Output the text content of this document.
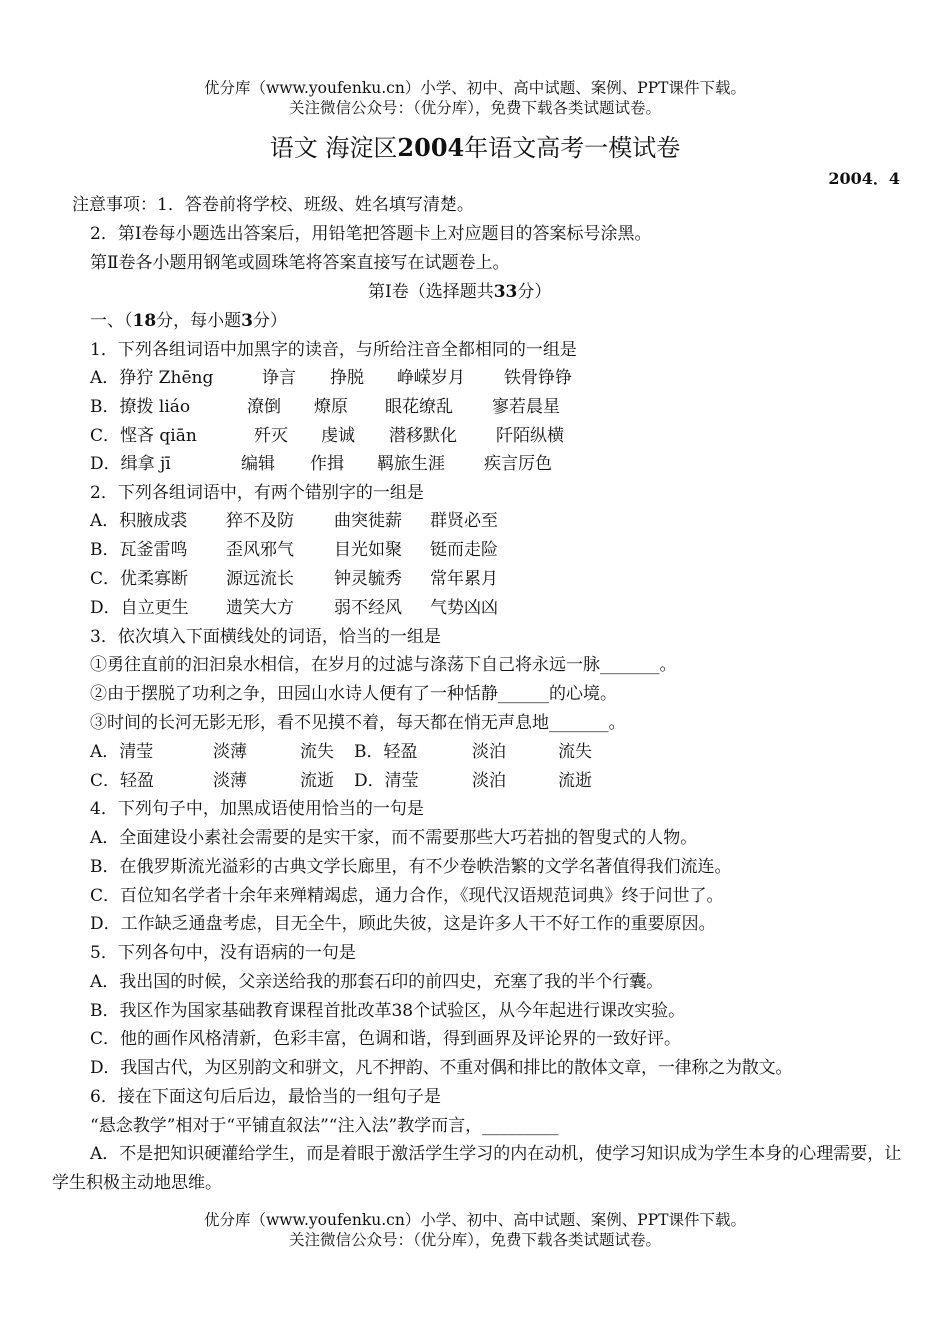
优分库（www.youfenku.cn）小学、初中、高中试题、案例、PPT课件下载。
关注微信公众号：（优分库），免费下载各类试题试卷。
语文 海淀区2004年语文高考一模试卷
2004．4
注意事项：1．答卷前将学校、班级、姓名填写清楚。
2．第Ⅰ卷每小题选出答案后，用铅笔把答题卡上对应题目的答案标号涂黑。
第Ⅱ卷各小题用钢笔或圆珠笔将答案直接写在试题卷上。
第Ⅰ卷（选择题共33分）
一、（18分，每小题3分）
1．下列各组词语中加黑字的读音，与所给注音全都相同的一组是
A．狰狞 Zhēng	诤言 挣脱 峥嵘岁月 铁骨铮铮
B．撩拨 liáo	潦倒 燎原 眼花缭乱 寥若晨星
C．悭吝 qiān	歼灭 虔诚 潜移默化 阡陌纵横
D．缉拿 jī	编辑 作揖 羁旅生涯 疾言厉色
2．下列各组词语中，有两个错别字的一组是
A．积腋成裘 猝不及防 曲突徙薪 群贤必至
B．瓦釜雷鸣 歪风邪气 目光如聚 铤而走险
C．优柔寡断 源远流长 钟灵毓秀 常年累月
D．自立更生 遗笑大方 弱不经风 气势凶凶
3．依次填入下面横线处的词语，恰当的一组是
①勇往直前的汩汩泉水相信，在岁月的过滤与涤荡下自己将永远一脉_______。
②由于摆脱了功利之争，田园山水诗人便有了一种恬静______的心境。
③时间的长河无影无形，看不见摸不着，每天都在悄无声息地_______。
A．清莹	淡薄	流失 B．轻盈	淡泊	流失
C．轻盈	淡薄	流逝 D．清莹	淡泊	流逝
4．下列句子中，加黑成语使用恰当的一句是
A．全面建设小素社会需要的是实干家，而不需要那些大巧若拙的智叟式的人物。
B．在俄罗斯流光溢彩的古典文学长廊里，有不少卷帙浩繁的文学名著值得我们流连。
C．百位知名学者十余年来殚精竭虑，通力合作，《现代汉语规范词典》终于问世了。
D．工作缺乏通盘考虑，目无全牛，顾此失彼，这是许多人干不好工作的重要原因。
5．下列各句中，没有语病的一句是
A．我出国的时候，父亲送给我的那套石印的前四史，充塞了我的半个行囊。
B．我区作为国家基础教育课程首批改革38个试验区，从今年起进行课改实验。
C．他的画作风格清新，色彩丰富，色调和谐，得到画界及评论界的一致好评。
D．我国古代，为区别韵文和骈文，凡不押韵、不重对偶和排比的散体文章，一律称之为散文。
6．接在下面这句后后边，最恰当的一组句子是
“悬念教学”相对于“平铺直叙法”“注入法”教学而言，_________
A．不是把知识硬灌给学生，而是着眼于激活学生学习的内在动机，使学习知识成为学生本身的心理需要，让学生积极主动地思维。
优分库（www.youfenku.cn）小学、初中、高中试题、案例、PPT课件下载。
关注微信公众号：（优分库），免费下载各类试题试卷。
